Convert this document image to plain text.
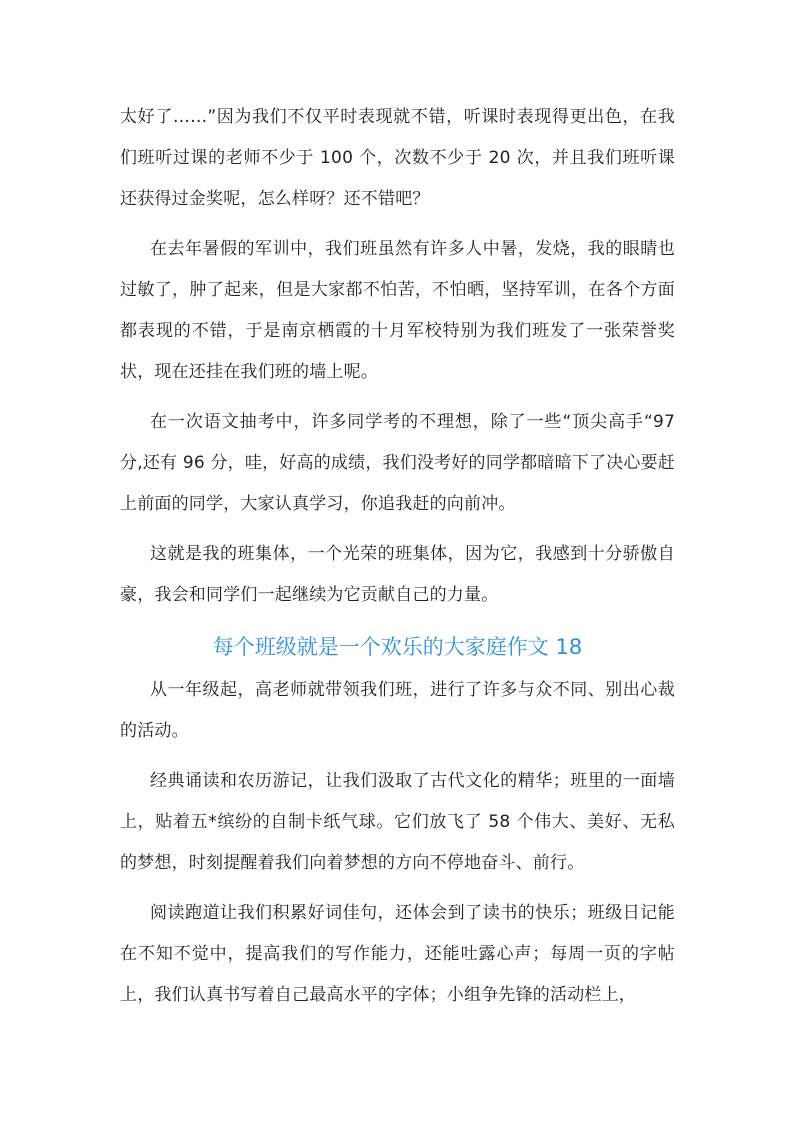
太好了……”因为我们不仅平时表现就不错，听课时表现得更出色，在我们班听过课的老师不少于 100 个，次数不少于 20 次，并且我们班听课还获得过金奖呢，怎么样呀？还不错吧？

在去年暑假的军训中，我们班虽然有许多人中暑，发烧，我的眼睛也过敏了，肿了起来，但是大家都不怕苦，不怕晒，坚持军训，在各个方面都表现的不错，于是南京栖霞的十月军校特别为我们班发了一张荣誉奖状，现在还挂在我们班的墙上呢。

在一次语文抽考中，许多同学考的不理想，除了一些“顶尖高手“97 分,还有 96 分，哇，好高的成绩，我们没考好的同学都暗暗下了决心要赶上前面的同学，大家认真学习，你追我赶的向前冲。

这就是我的班集体，一个光荣的班集体，因为它，我感到十分骄傲自豪，我会和同学们一起继续为它贡献自己的力量。

每个班级就是一个欢乐的大家庭作文 18

从一年级起，高老师就带领我们班，进行了许多与众不同、别出心裁的活动。

经典诵读和农历游记，让我们汲取了古代文化的精华；班里的一面墙上，贴着五*缤纷的自制卡纸气球。它们放飞了 58 个伟大、美好、无私的梦想，时刻提醒着我们向着梦想的方向不停地奋斗、前行。

阅读跑道让我们积累好词佳句，还体会到了读书的快乐；班级日记能在不知不觉中，提高我们的写作能力，还能吐露心声；每周一页的字帖上，我们认真书写着自己最高水平的字体；小组争先锋的活动栏上，
